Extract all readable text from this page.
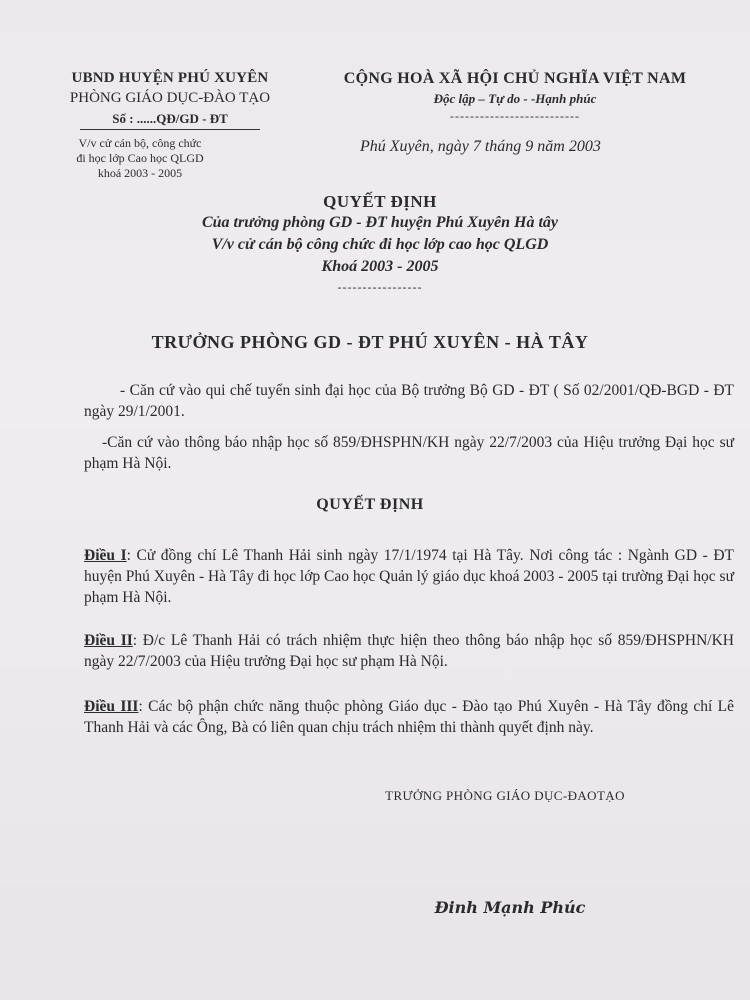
UBND HUYỆN PHÚ XUYÊN
PHÒNG GIÁO DỤC-ĐÀO TẠO
Số : ......QĐ/GD - ĐT
V/v cử cán bộ, công chức
đi học lớp Cao học QLGD
khoá 2003 - 2005
CỘNG HOÀ XÃ HỘI CHỦ NGHĨA VIỆT NAM
Độc lập – Tự do - -Hạnh phúc
--------------------------
Phú Xuyên, ngày 7 tháng 9 năm 2003
QUYẾT ĐỊNH
Của trưởng phòng GD - ĐT huyện Phú Xuyên Hà tây
V/v cử cán bộ công chức đi học lớp cao học QLGD
Khoá 2003 - 2005
-----------------
TRƯỞNG PHÒNG GD - ĐT PHÚ XUYÊN - HÀ TÂY
- Căn cứ vào qui chế tuyển sinh đại học của Bộ trưởng Bộ GD - ĐT ( Số 02/2001/QĐ-BGD - ĐT ngày 29/1/2001.
-Căn cứ vào thông báo nhập học số 859/ĐHSPHN/KH ngày 22/7/2003 của Hiệu trưởng Đại học sư phạm Hà Nội.
QUYẾT ĐỊNH
Điều I: Cử đồng chí Lê Thanh Hải sinh ngày 17/1/1974 tại Hà Tây. Nơi công tác : Ngành GD - ĐT huyện Phú Xuyên - Hà Tây đi học lớp Cao học Quản lý giáo dục khoá 2003 - 2005 tại trường Đại học sư phạm Hà Nội.
Điều II: Đ/c Lê Thanh Hải có trách nhiệm thực hiện theo thông báo nhập học số 859/ĐHSPHN/KH ngày 22/7/2003 của Hiệu trưởng Đại học sư phạm Hà Nội.
Điều III: Các bộ phận chức năng thuộc phòng Giáo dục - Đào tạo Phú Xuyên - Hà Tây đồng chí Lê Thanh Hải và các Ông, Bà có liên quan chịu trách nhiệm thi thành quyết định này.
TRƯỞNG PHÒNG GIÁO DỤC-ĐAOTẠO
Đinh Mạnh Phúc
